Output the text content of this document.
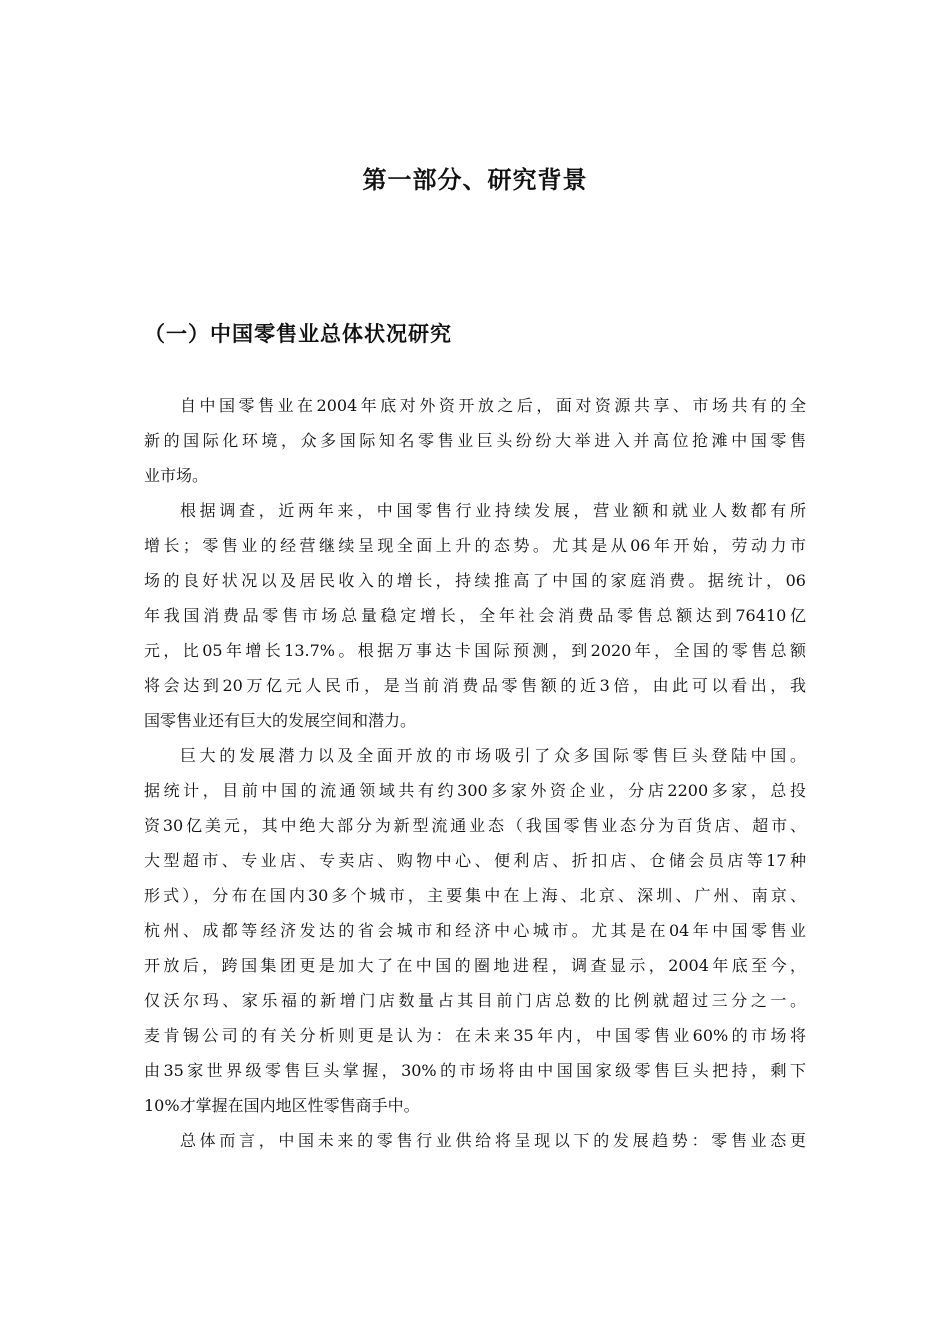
第一部分、研究背景
（一）中国零售业总体状况研究
自中国零售业在2004年底对外资开放之后，面对资源共享、市场共有的全
新的国际化环境，众多国际知名零售业巨头纷纷大举进入并高位抢滩中国零售
业市场。
根据调查，近两年来，中国零售行业持续发展，营业额和就业人数都有所
增长；零售业的经营继续呈现全面上升的态势。尤其是从06年开始，劳动力市
场的良好状况以及居民收入的增长，持续推高了中国的家庭消费。据统计，06
年我国消费品零售市场总量稳定增长，全年社会消费品零售总额达到76410亿
元，比05年增长13.7%。根据万事达卡国际预测，到2020年，全国的零售总额
将会达到20万亿元人民币，是当前消费品零售额的近3倍，由此可以看出，我
国零售业还有巨大的发展空间和潜力。
巨大的发展潜力以及全面开放的市场吸引了众多国际零售巨头登陆中国。
据统计，目前中国的流通领域共有约300多家外资企业，分店2200多家，总投
资30亿美元，其中绝大部分为新型流通业态（我国零售业态分为百货店、超市、
大型超市、专业店、专卖店、购物中心、便利店、折扣店、仓储会员店等17种
形式），分布在国内30多个城市，主要集中在上海、北京、深圳、广州、南京、
杭州、成都等经济发达的省会城市和经济中心城市。尤其是在04年中国零售业
开放后，跨国集团更是加大了在中国的圈地进程，调查显示，2004年底至今，
仅沃尔玛、家乐福的新增门店数量占其目前门店总数的比例就超过三分之一。
麦肯锡公司的有关分析则更是认为：在未来35年内，中国零售业60%的市场将
由35家世界级零售巨头掌握，30%的市场将由中国国家级零售巨头把持，剩下
10%才掌握在国内地区性零售商手中。
总体而言，中国未来的零售行业供给将呈现以下的发展趋势：零售业态更
